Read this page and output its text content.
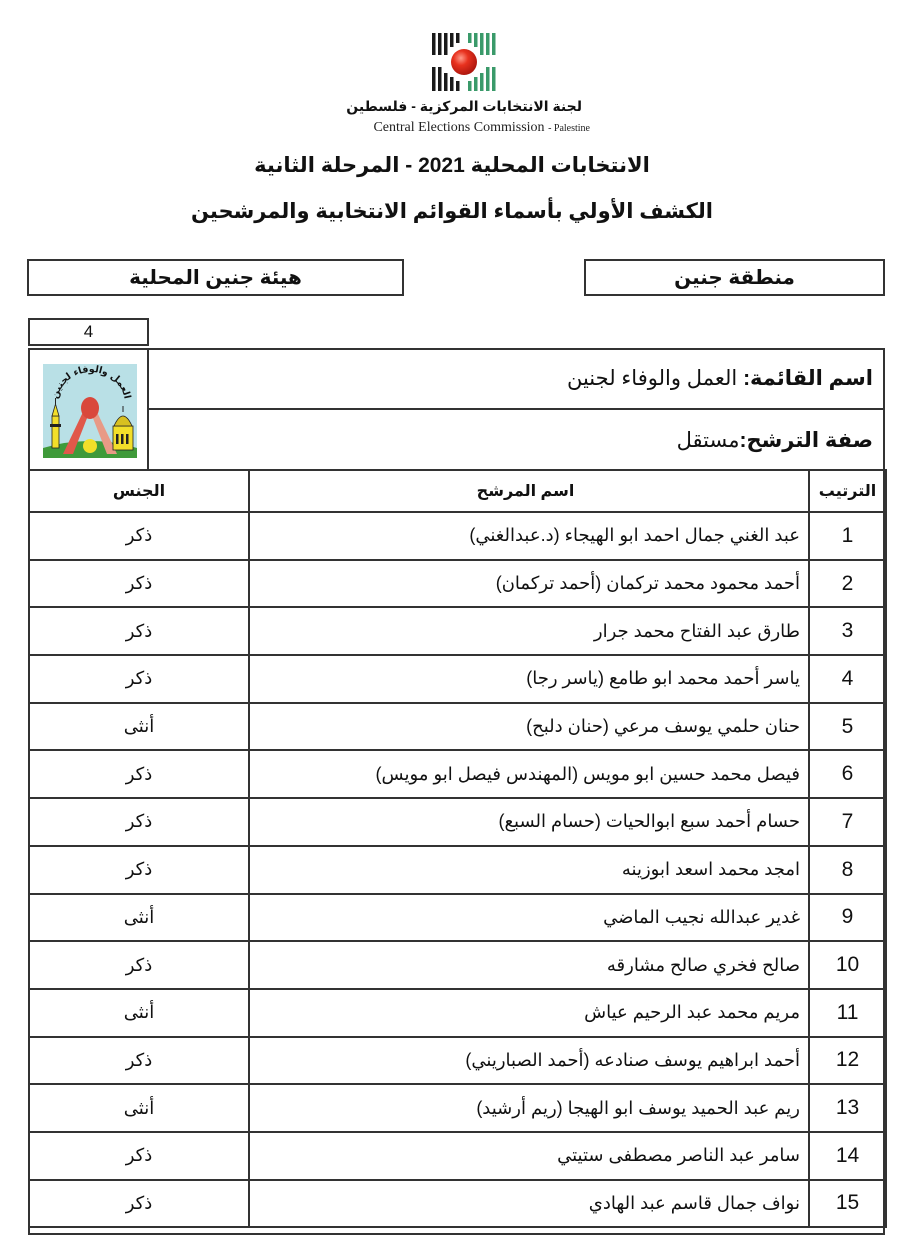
لجنة الانتخابات المركزية - فلسطين
Central Elections Commission - Palestine
الانتخابات المحلية 2021 - المرحلة الثانية
الكشف الأولي بأسماء القوائم الانتخابية والمرشحين
منطقة جنين
هيئة جنين المحلية
4
العمل والوفاء لجنين
اسم القائمة:

العمل والوفاء لجنين
صفة الترشح:
مستقل
الترتيب	اسم المرشح	الجنس
1	عبد الغني جمال احمد ابو الهيجاء (د.عبدالغني)	ذكر
2	أحمد محمود محمد تركمان (أحمد تركمان)	ذكر
3	طارق عبد الفتاح محمد جرار	ذكر
4	ياسر أحمد محمد ابو طامع (ياسر رجا)	ذكر
5	حنان حلمي يوسف مرعي (حنان دلبح)	أنثى
6	فيصل محمد حسين ابو مويس (المهندس فيصل ابو مويس)	ذكر
7	حسام أحمد سبع ابوالحيات (حسام السبع)	ذكر
8	امجد محمد اسعد ابوزينه	ذكر
9	غدير عبدالله نجيب الماضي	أنثى
10	صالح فخري صالح مشارقه	ذكر
11	مريم محمد عبد الرحيم عياش	أنثى
12	أحمد ابراهيم يوسف صنادعه (أحمد الصباريني)	ذكر
13	ريم عبد الحميد يوسف ابو الهيجا (ريم أرشيد)	أنثى
14	سامر عبد الناصر مصطفى ستيتي	ذكر
15	نواف جمال قاسم عبد الهادي	ذكر
